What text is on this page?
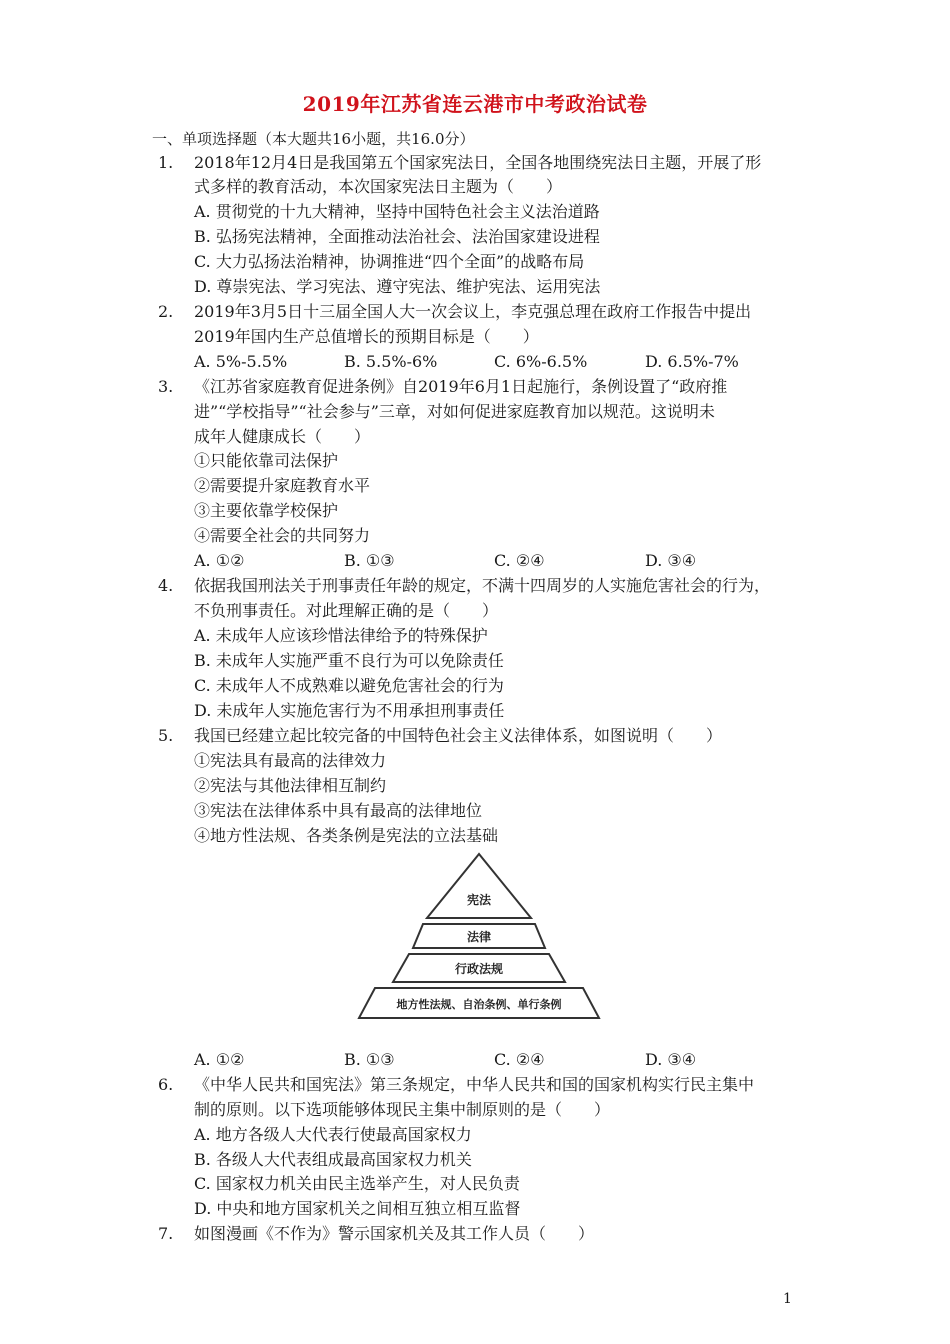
2019年江苏省连云港市中考政治试卷
一、单项选择题（本大题共16小题，共16.0分）
1. 2018年12月4日是我国第五个国家宪法日，全国各地围绕宪法日主题，开展了形
式多样的教育活动，本次国家宪法日主题为（　　）
A. 贯彻党的十九大精神，坚持中国特色社会主义法治道路
B. 弘扬宪法精神，全面推动法治社会、法治国家建设进程
C. 大力弘扬法治精神，协调推进“四个全面”的战略布局
D. 尊崇宪法、学习宪法、遵守宪法、维护宪法、运用宪法
2. 2019年3月5日十三届全国人大一次会议上，李克强总理在政府工作报告中提出
2019年国内生产总值增长的预期目标是（　　）
A. 5%-5.5%	B. 5.5%-6%	C. 6%-6.5%	D. 6.5%-7%
3. 《江苏省家庭教育促进条例》自2019年6月1日起施行，条例设置了“政府推
进”“学校指导”“社会参与”三章，对如何促进家庭教育加以规范。这说明未
成年人健康成长（　　）
①只能依靠司法保护
②需要提升家庭教育水平
③主要依靠学校保护
④需要全社会的共同努力
A. ①②	B. ①③	C. ②④	D. ③④
4. 依据我国刑法关于刑事责任年龄的规定，不满十四周岁的人实施危害社会的行为，
不负刑事责任。对此理解正确的是（　　）
A. 未成年人应该珍惜法律给予的特殊保护
B. 未成年人实施严重不良行为可以免除责任
C. 未成年人不成熟难以避免危害社会的行为
D. 未成年人实施危害行为不用承担刑事责任
5. 我国已经建立起比较完备的中国特色社会主义法律体系，如图说明（　　）
①宪法具有最高的法律效力
②宪法与其他法律相互制约
③宪法在法律体系中具有最高的法律地位
④地方性法规、各类条例是宪法的立法基础
宪法
法律
行政法规
地方性法规、自治条例、单行条例
A. ①②	B. ①③	C. ②④	D. ③④
6. 《中华人民共和国宪法》第三条规定，中华人民共和国的国家机构实行民主集中
制的原则。以下选项能够体现民主集中制原则的是（　　）
A. 地方各级人大代表行使最高国家权力
B. 各级人大代表组成最高国家权力机关
C. 国家权力机关由民主选举产生，对人民负责
D. 中央和地方国家机关之间相互独立相互监督
7. 如图漫画《不作为》警示国家机关及其工作人员（　　）
1
